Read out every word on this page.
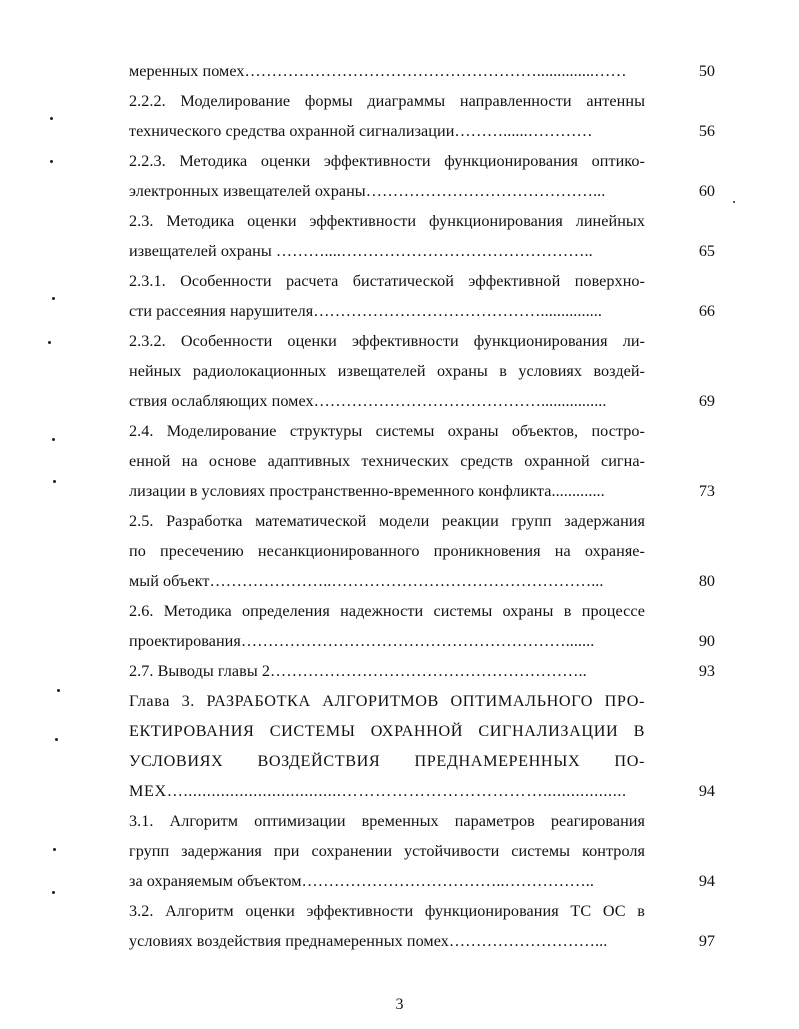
меренных помех………………………………………………..............……	50
2.2.2. Моделирование формы диаграммы направленности антенны
технического средства охранной сигнализации………......…………	56
2.2.3. Методика оценки эффективности функционирования оптико-
электронных извещателей охраны……………………………………...	60
2.3. Методика оценки эффективности функционирования линейных
извещателей охраны ………....………………………………………..	65
2.3.1. Особенности расчета бистатической эффективной поверхно-
сти рассеяния нарушителя……………………………………...............	66
2.3.2. Особенности оценки эффективности функционирования ли-
нейных радиолокационных извещателей охраны в условиях воздей-
ствия ослабляющих помех……………………………………................	69
2.4. Моделирование структуры системы охраны объектов, постро-
енной на основе адаптивных технических средств охранной сигна-
лизации в условиях пространственно-временного конфликта.............	73
2.5. Разработка математической модели реакции групп задержания
по пресечению несанкционированного проникновения на охраняе-
мый объект…………………..…………………………………………...	80
2.6. Методика определения надежности системы охраны в процессе
проектирования…………………………………………………….......	90
2.7. Выводы главы 2…………………………………………………..	93
Глава 3. РАЗРАБОТКА АЛГОРИТМОВ ОПТИМАЛЬНОГО ПРО-
ЕКТИРОВАНИЯ СИСТЕМЫ ОХРАННОЙ СИГНАЛИЗАЦИИ В
УСЛОВИЯХ ВОЗДЕЙСТВИЯ ПРЕДНАМЕРЕННЫХ ПО-
МЕХ…..................................………………………………..................	94
3.1. Алгоритм оптимизации временных параметров реагирования
групп задержания при сохранении устойчивости системы контроля
за охраняемым объектом………………………………..……………..	94
3.2. Алгоритм оценки эффективности функционирования ТС ОС в
условиях воздействия преднамеренных помех………………………...	97
3
